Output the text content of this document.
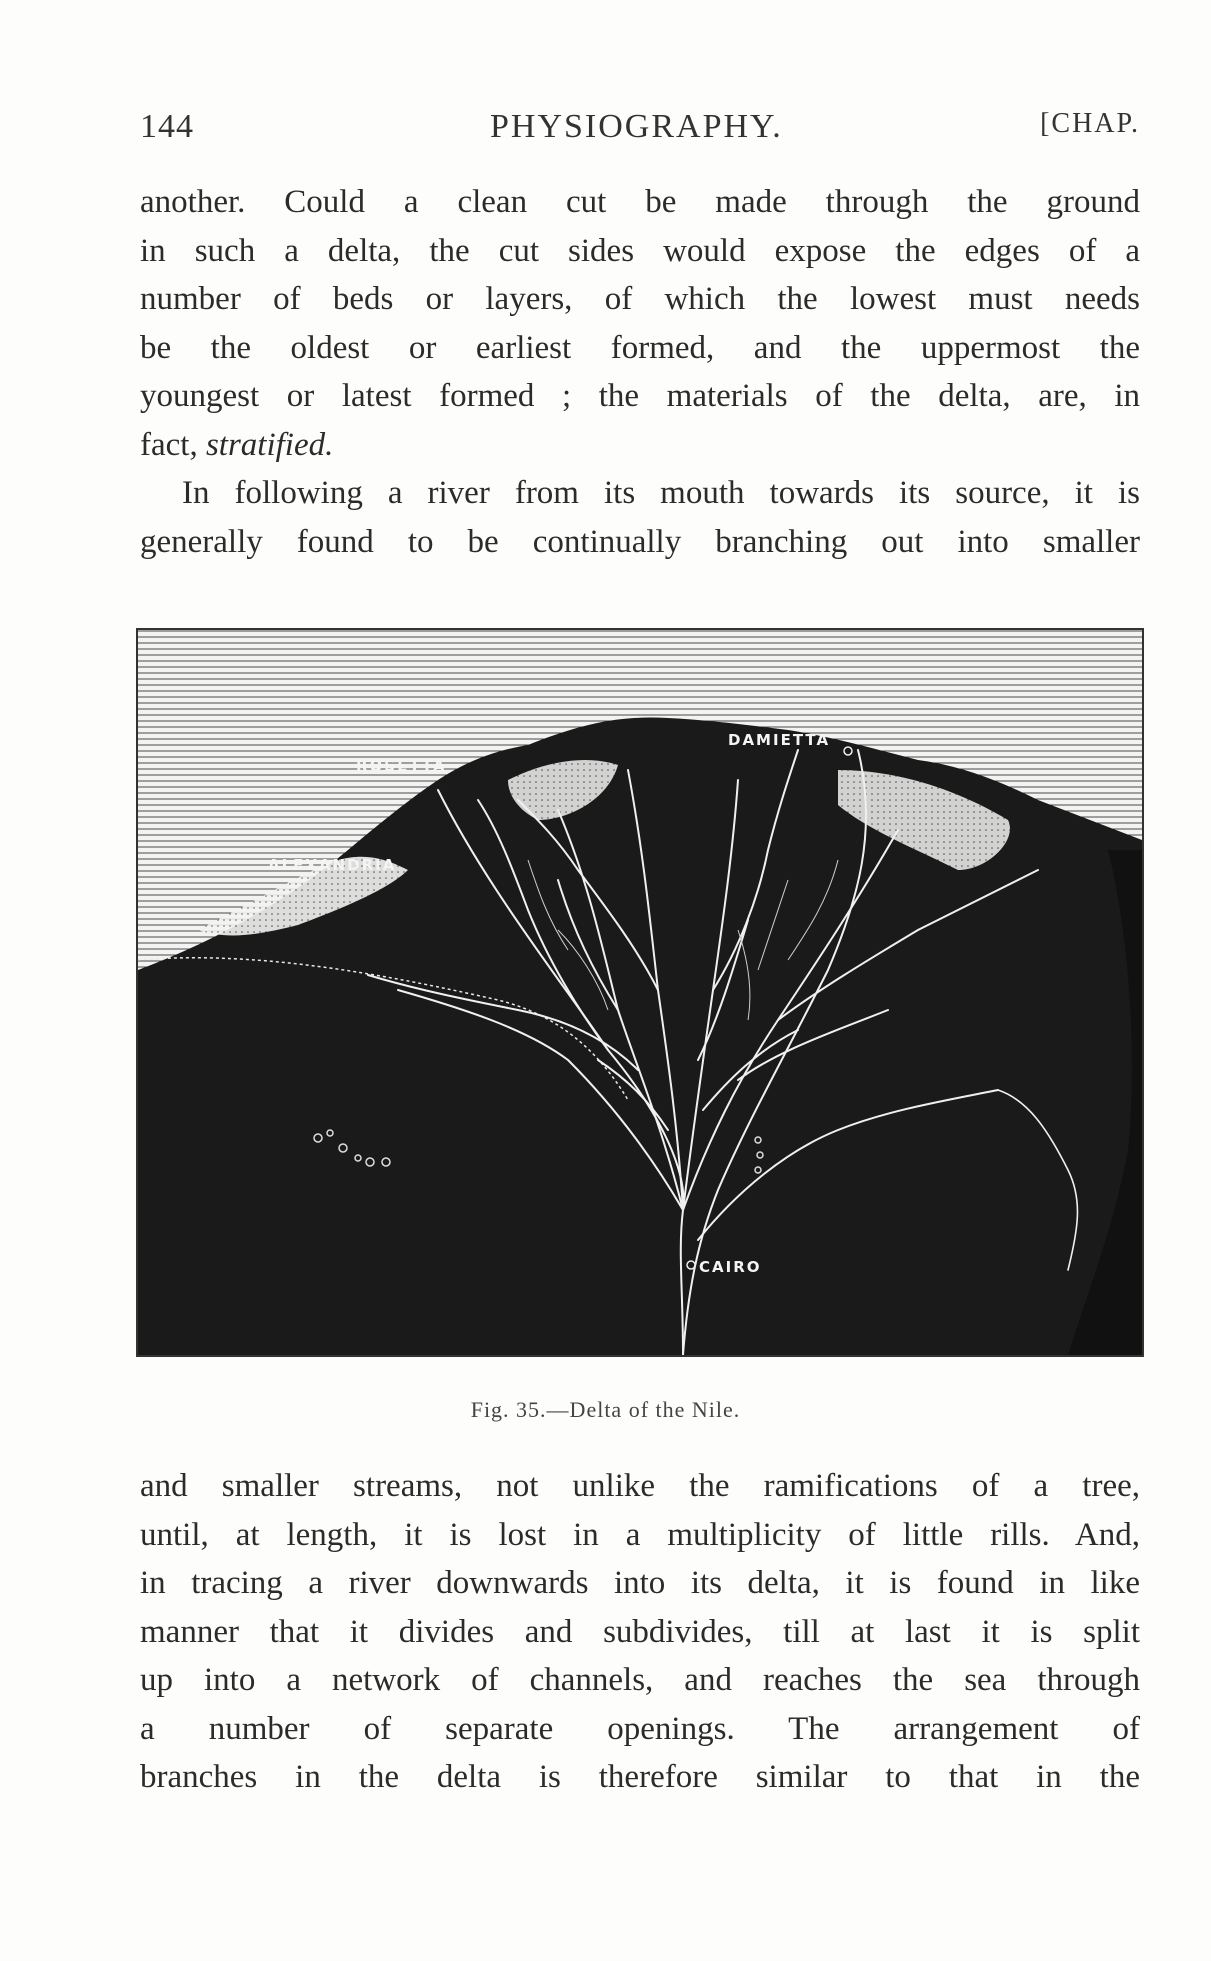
144	PHYSIOGRAPHY.	[CHAP.

another. Could a clean cut be made through the ground

in such a delta, the cut sides would expose the edges of a

number of beds or layers, of which the lowest must needs

be the oldest or earliest formed, and the uppermost the

youngest or latest formed ; the materials of the delta, are, in

fact, stratified.

In following a river from its mouth towards its source, it is

generally found to be continually branching out into smaller

ROSETTA
ALEXANDRIA
DAMIETTA
CAIRO
Fig. 35.—Delta of the Nile.

and smaller streams, not unlike the ramifications of a tree,

until, at length, it is lost in a multiplicity of little rills. And,

in tracing a river downwards into its delta, it is found in like

manner that it divides and subdivides, till at last it is split

up into a network of channels, and reaches the sea through

a number of separate openings. The arrangement of

branches in the delta is therefore similar to that in the
